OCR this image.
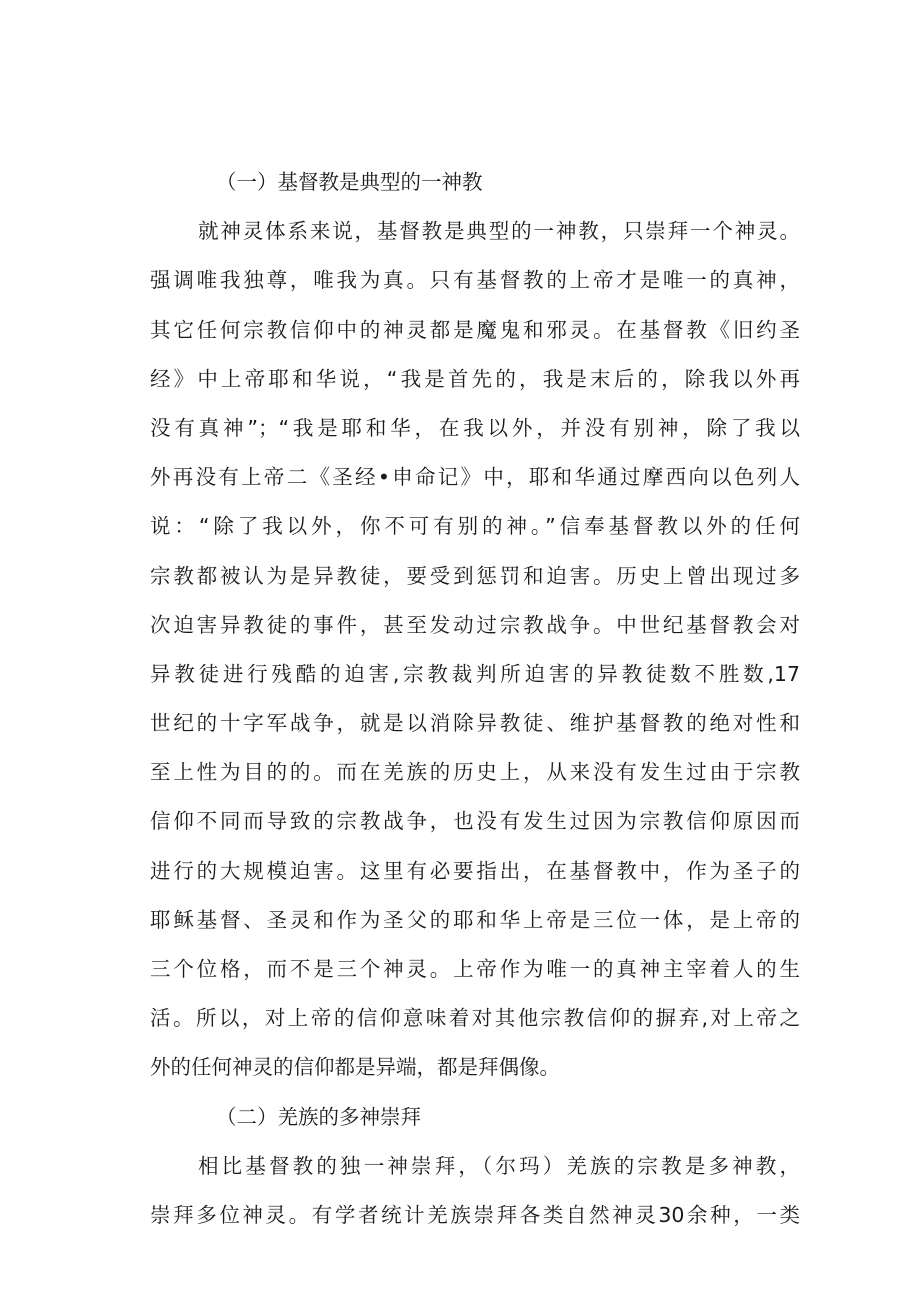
（一）基督教是典型的一神教
就神灵体系来说，基督教是典型的一神教，只崇拜一个神灵。
强调唯我独尊，唯我为真。只有基督教的上帝才是唯一的真神，
其它任何宗教信仰中的神灵都是魔鬼和邪灵。在基督教《旧约圣
经》中上帝耶和华说，“我是首先的，我是末后的，除我以外再
没有真神”；“我是耶和华，在我以外，并没有别神，除了我以
外再没有上帝二《圣经•申命记》中，耶和华通过摩西向以色列人
说：“除了我以外，你不可有别的神。”信奉基督教以外的任何
宗教都被认为是异教徒，要受到惩罚和迫害。历史上曾出现过多
次迫害异教徒的事件，甚至发动过宗教战争。中世纪基督教会对
异教徒进行残酷的迫害,宗教裁判所迫害的异教徒数不胜数,17
世纪的十字军战争，就是以消除异教徒、维护基督教的绝对性和
至上性为目的的。而在羌族的历史上，从来没有发生过由于宗教
信仰不同而导致的宗教战争，也没有发生过因为宗教信仰原因而
进行的大规模迫害。这里有必要指出，在基督教中，作为圣子的
耶稣基督、圣灵和作为圣父的耶和华上帝是三位一体，是上帝的
三个位格，而不是三个神灵。上帝作为唯一的真神主宰着人的生
活。所以，对上帝的信仰意味着对其他宗教信仰的摒弃,对上帝之
外的任何神灵的信仰都是异端，都是拜偶像。
（二）羌族的多神崇拜
相比基督教的独一神崇拜，（尔玛）羌族的宗教是多神教，
崇拜多位神灵。有学者统计羌族崇拜各类自然神灵30余种，一类
